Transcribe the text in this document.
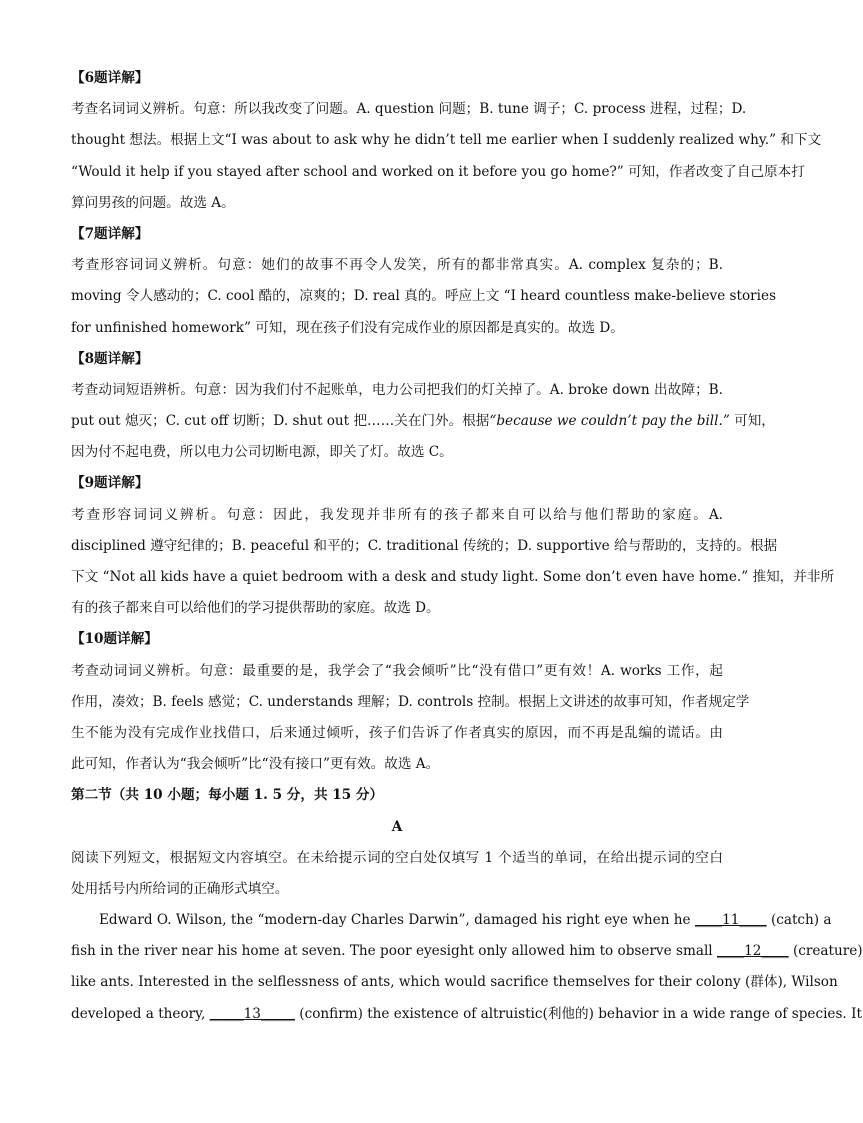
【6题详解】
考查名词词义辨析。句意：所以我改变了问题。A. question 问题；B. tune 调子；C. process 进程，过程；D.
thought 想法。根据上文“I was about to ask why he didn’t tell me earlier when I suddenly realized why.” 和下文
“Would it help if you stayed after school and worked on it before you go home?” 可知，作者改变了自己原本打
算问男孩的问题。故选 A。
【7题详解】
考查形容词词义辨析。句意：她们的故事不再令人发笑，所有的都非常真实。A. complex 复杂的；B.
moving 令人感动的；C. cool 酷的，凉爽的；D. real 真的。呼应上文 “I heard countless make-believe stories
for unfinished homework” 可知，现在孩子们没有完成作业的原因都是真实的。故选 D。
【8题详解】
考查动词短语辨析。句意：因为我们付不起账单，电力公司把我们的灯关掉了。A. broke down 出故障；B.
put out 熄灭；C. cut off 切断；D. shut out 把……关在门外。根据“because we couldn’t pay the bill.” 可知，
因为付不起电费，所以电力公司切断电源，即关了灯。故选 C。
【9题详解】
考查形容词词义辨析。句意：因此，我发现并非所有的孩子都来自可以给与他们帮助的家庭。A.
disciplined 遵守纪律的；B. peaceful 和平的；C. traditional 传统的；D. supportive 给与帮助的，支持的。根据
下文 “Not all kids have a quiet bedroom with a desk and study light. Some don’t even have home.” 推知，并非所
有的孩子都来自可以给他们的学习提供帮助的家庭。故选 D。
【10题详解】
考查动词词义辨析。句意：最重要的是，我学会了“我会倾听”比“没有借口”更有效！A. works 工作，起
作用，凑效；B. feels 感觉；C. understands 理解；D. controls 控制。根据上文讲述的故事可知，作者规定学
生不能为没有完成作业找借口，后来通过倾听，孩子们告诉了作者真实的原因，而不再是乱编的谎话。由
此可知，作者认为“我会倾听”比“没有接口”更有效。故选 A。
第二节（共 10 小题；每小题 1. 5 分，共 15 分）
A
阅读下列短文，根据短文内容填空。在未给提示词的空白处仅填写 1 个适当的单词，在给出提示词的空白
处用括号内所给词的正确形式填空。
Edward O. Wilson, the “modern-day Charles Darwin”, damaged his right eye when he ____11____ (catch) a
fish in the river near his home at seven. The poor eyesight only allowed him to observe small ____12____ (creature)
like ants. Interested in the selflessness of ants, which would sacrifice themselves for their colony (群体), Wilson
developed a theory, _____13_____ (confirm) the existence of altruistic(利他的) behavior in a wide range of species. It
